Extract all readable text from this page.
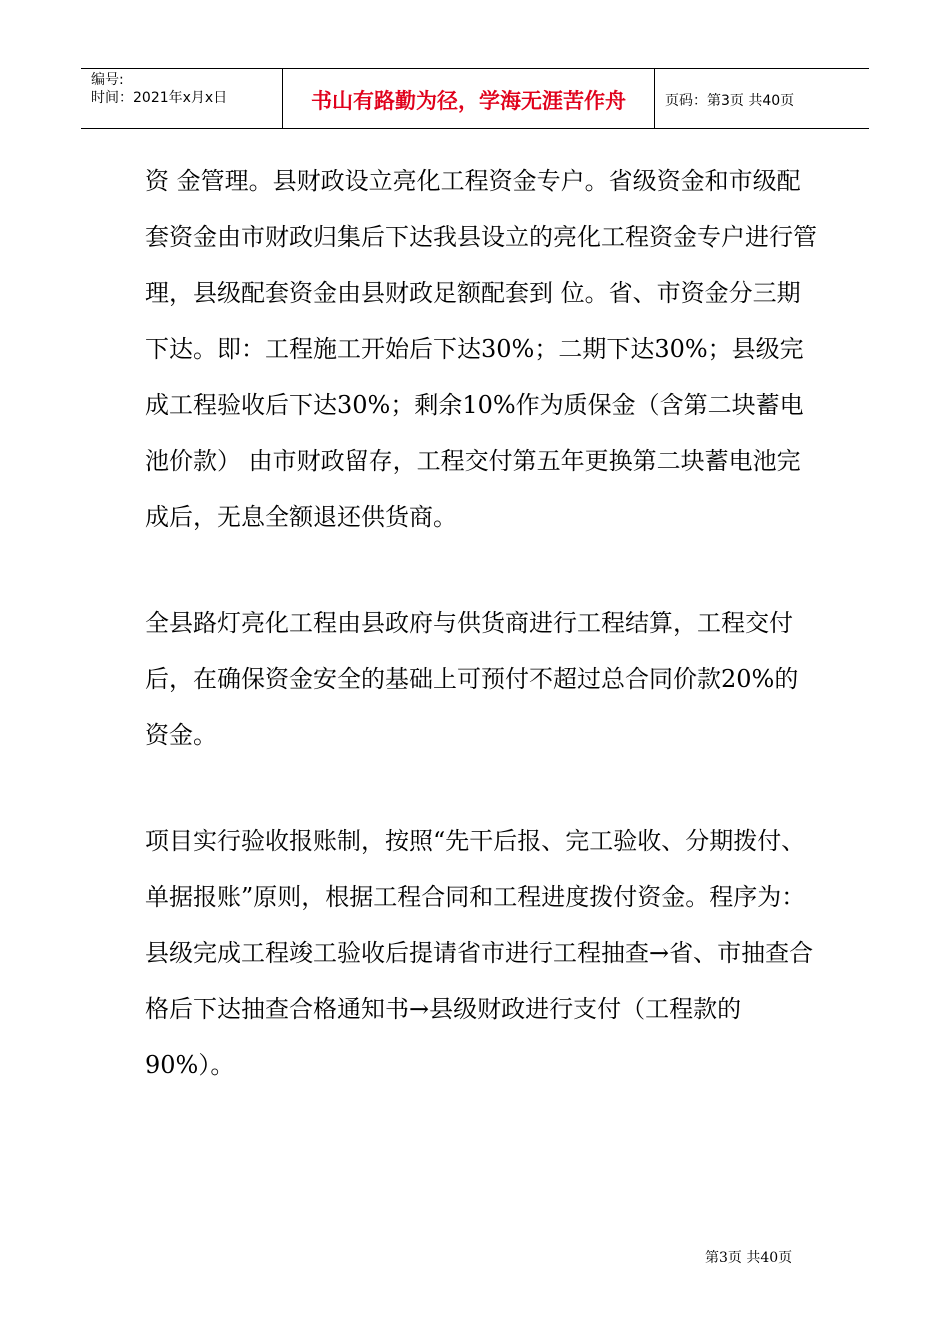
编号:
时间：2021年x月x日	书山有路勤为径，学海无涯苦作舟	页码：第3页 共40页

资 金管理。县财政设立亮化工程资金专户。省级资金和市级配套资金由市财政归集后下达我县设立的亮化工程资金专户进行管理，县级配套资金由县财政足额配套到 位。省、市资金分三期下达。即：工程施工开始后下达30%；二期下达30%；县级完成工程验收后下达30%；剩余10%作为质保金（含第二块蓄电池价款） 由市财政留存，工程交付第五年更换第二块蓄电池完成后，无息全额退还供货商。

全县路灯亮化工程由县政府与供货商进行工程结算，工程交付后，在确保资金安全的基础上可预付不超过总合同价款20%的资金。

项目实行验收报账制，按照“先干后报、完工验收、分期拨付、单据报账”原则，根据工程合同和工程进度拨付资金。程序为：县级完成工程竣工验收后提请省市进行工程抽查→省、市抽查合格后下达抽查合格通知书→县级财政进行支付（工程款的90%）。

第3页 共40页
